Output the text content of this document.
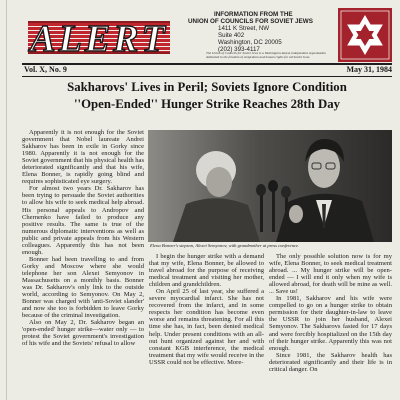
ALERT
INFORMATION FROM THE
UNION OF COUNCILS FOR SOVIET JEWS
1411 K Street, NW
Suite 402
Washington, DC 20005
(202) 393-4117
The Union of Councils for Soviet Jews is a Washington-based, independent organization dedicated to the freedom of emigration and human rights for all Soviet Jews.
Vol. X, No. 9	May 31, 1984
Sakharovs' Lives in Peril; Soviets Ignore Condition
''Open-Ended'' Hunger Strike Reaches 28th Day
Elena Bonner's stepson, Alexei Semyonov, with grandmother at press conference.

Apparently it is not enough for the Soviet government that Nobel laureate Andrei Sakharov has been in exile in Gorky since 1980. Apparently it is not enough for the Soviet government that his physical health has deteriorated significantly and that his wife, Elena Bonner, is rapidly going blind and requires sophisticated eye surgery.

For almost two years Dr. Sakharov has been trying to persuade the Soviet authorities to allow his wife to seek medical help abroad. His personal appeals to Andropov and Chernenko have failed to produce any positive results. The same is true of the numerous diplomatic interventions as well as public and private appeals from his Western colleagues. Apparently this has not been enough.

Bonner had been travelling to and from Gorky and Moscow where she would telephone her son Alexei Semyonov in Massachusetts on a monthly basis. Bonner was Dr. Sakharov's only link to the outside world, according to Semyonov. On May 2, Bonner was charged with 'anti-Soviet slander' and now she too is forbidden to leave Gorky because of the criminal investigation.

Also on May 2, Dr. Sakharov began an 'open-ended' hunger strike—water only — to protest the Soviet government's investigation of his wife and the Soviets' refusal to allow

I begin the hunger strike with a demand that my wife, Elena Bonner, be allowed to travel abroad for the purpose of receiving medical treatment and visiting her mother, children and grandchildren.

On April 25 of last year, she suffered a severe myocardial infarct. She has not recovered from the infarct, and in some respects her condition has become even worse and remains threatening. For all this time she has, in fact, been denied medical help. Under present conditions with an all-out hunt organized against her and with constant KGB interference, the medical treatment that my wife would receive in the USSR could not be effective. More-

The only possible solution now is for my wife, Elena Bonner, to seek medical treatment abroad. ... My hunger strike will be open-ended — I will end it only when my wife is allowed abroad, for death will be mine as well. ... Save us!

In 1981, Sakharov and his wife were compelled to go on a hunger strike to obtain permission for their daughter-in-law to leave the USSR to join her husband, Alexei Semyonov. The Sakharovs fasted for 17 days and were forcibly hospitalized on the 15th day of their hunger strike. Apparently this was not enough.

Since 1981, the Sakharov health has deteriorated significantly and their life is in critical danger. On
